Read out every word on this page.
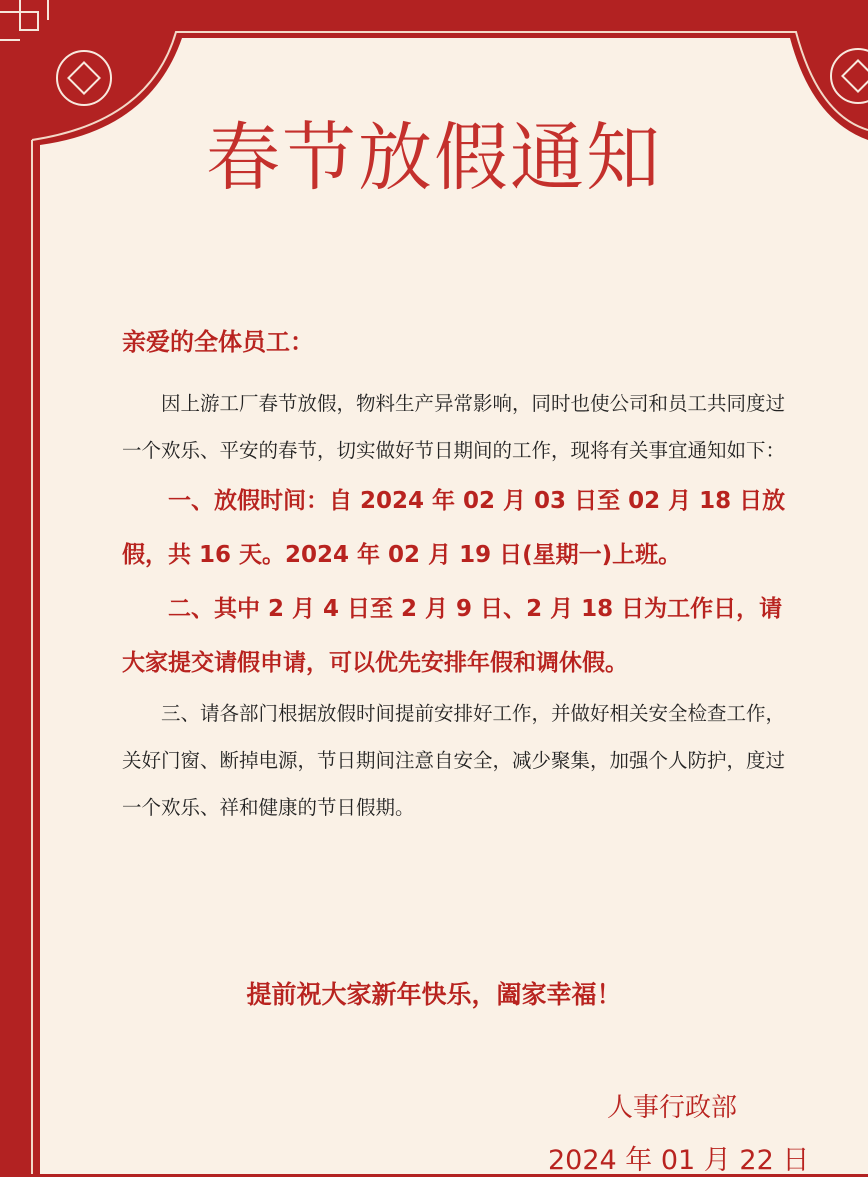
春节放假通知

亲爱的全体员工：

因上游工厂春节放假，物料生产异常影响，同时也使公司和员工共同度过一个欢乐、平安的春节，切实做好节日期间的工作，现将有关事宜通知如下：

一、放假时间：自 2024 年 02 月 03 日至 02 月 18 日放假，共 16 天。2024 年 02 月 19 日(星期一)上班。

二、其中 2 月 4 日至 2 月 9 日、2 月 18 日为工作日，请大家提交请假申请，可以优先安排年假和调休假。

三、请各部门根据放假时间提前安排好工作，并做好相关安全检查工作，关好门窗、断掉电源，节日期间注意自安全，减少聚集，加强个人防护，度过一个欢乐、祥和健康的节日假期。

提前祝大家新年快乐，阖家幸福！
人事行政部
2024 年 01 月 22 日
